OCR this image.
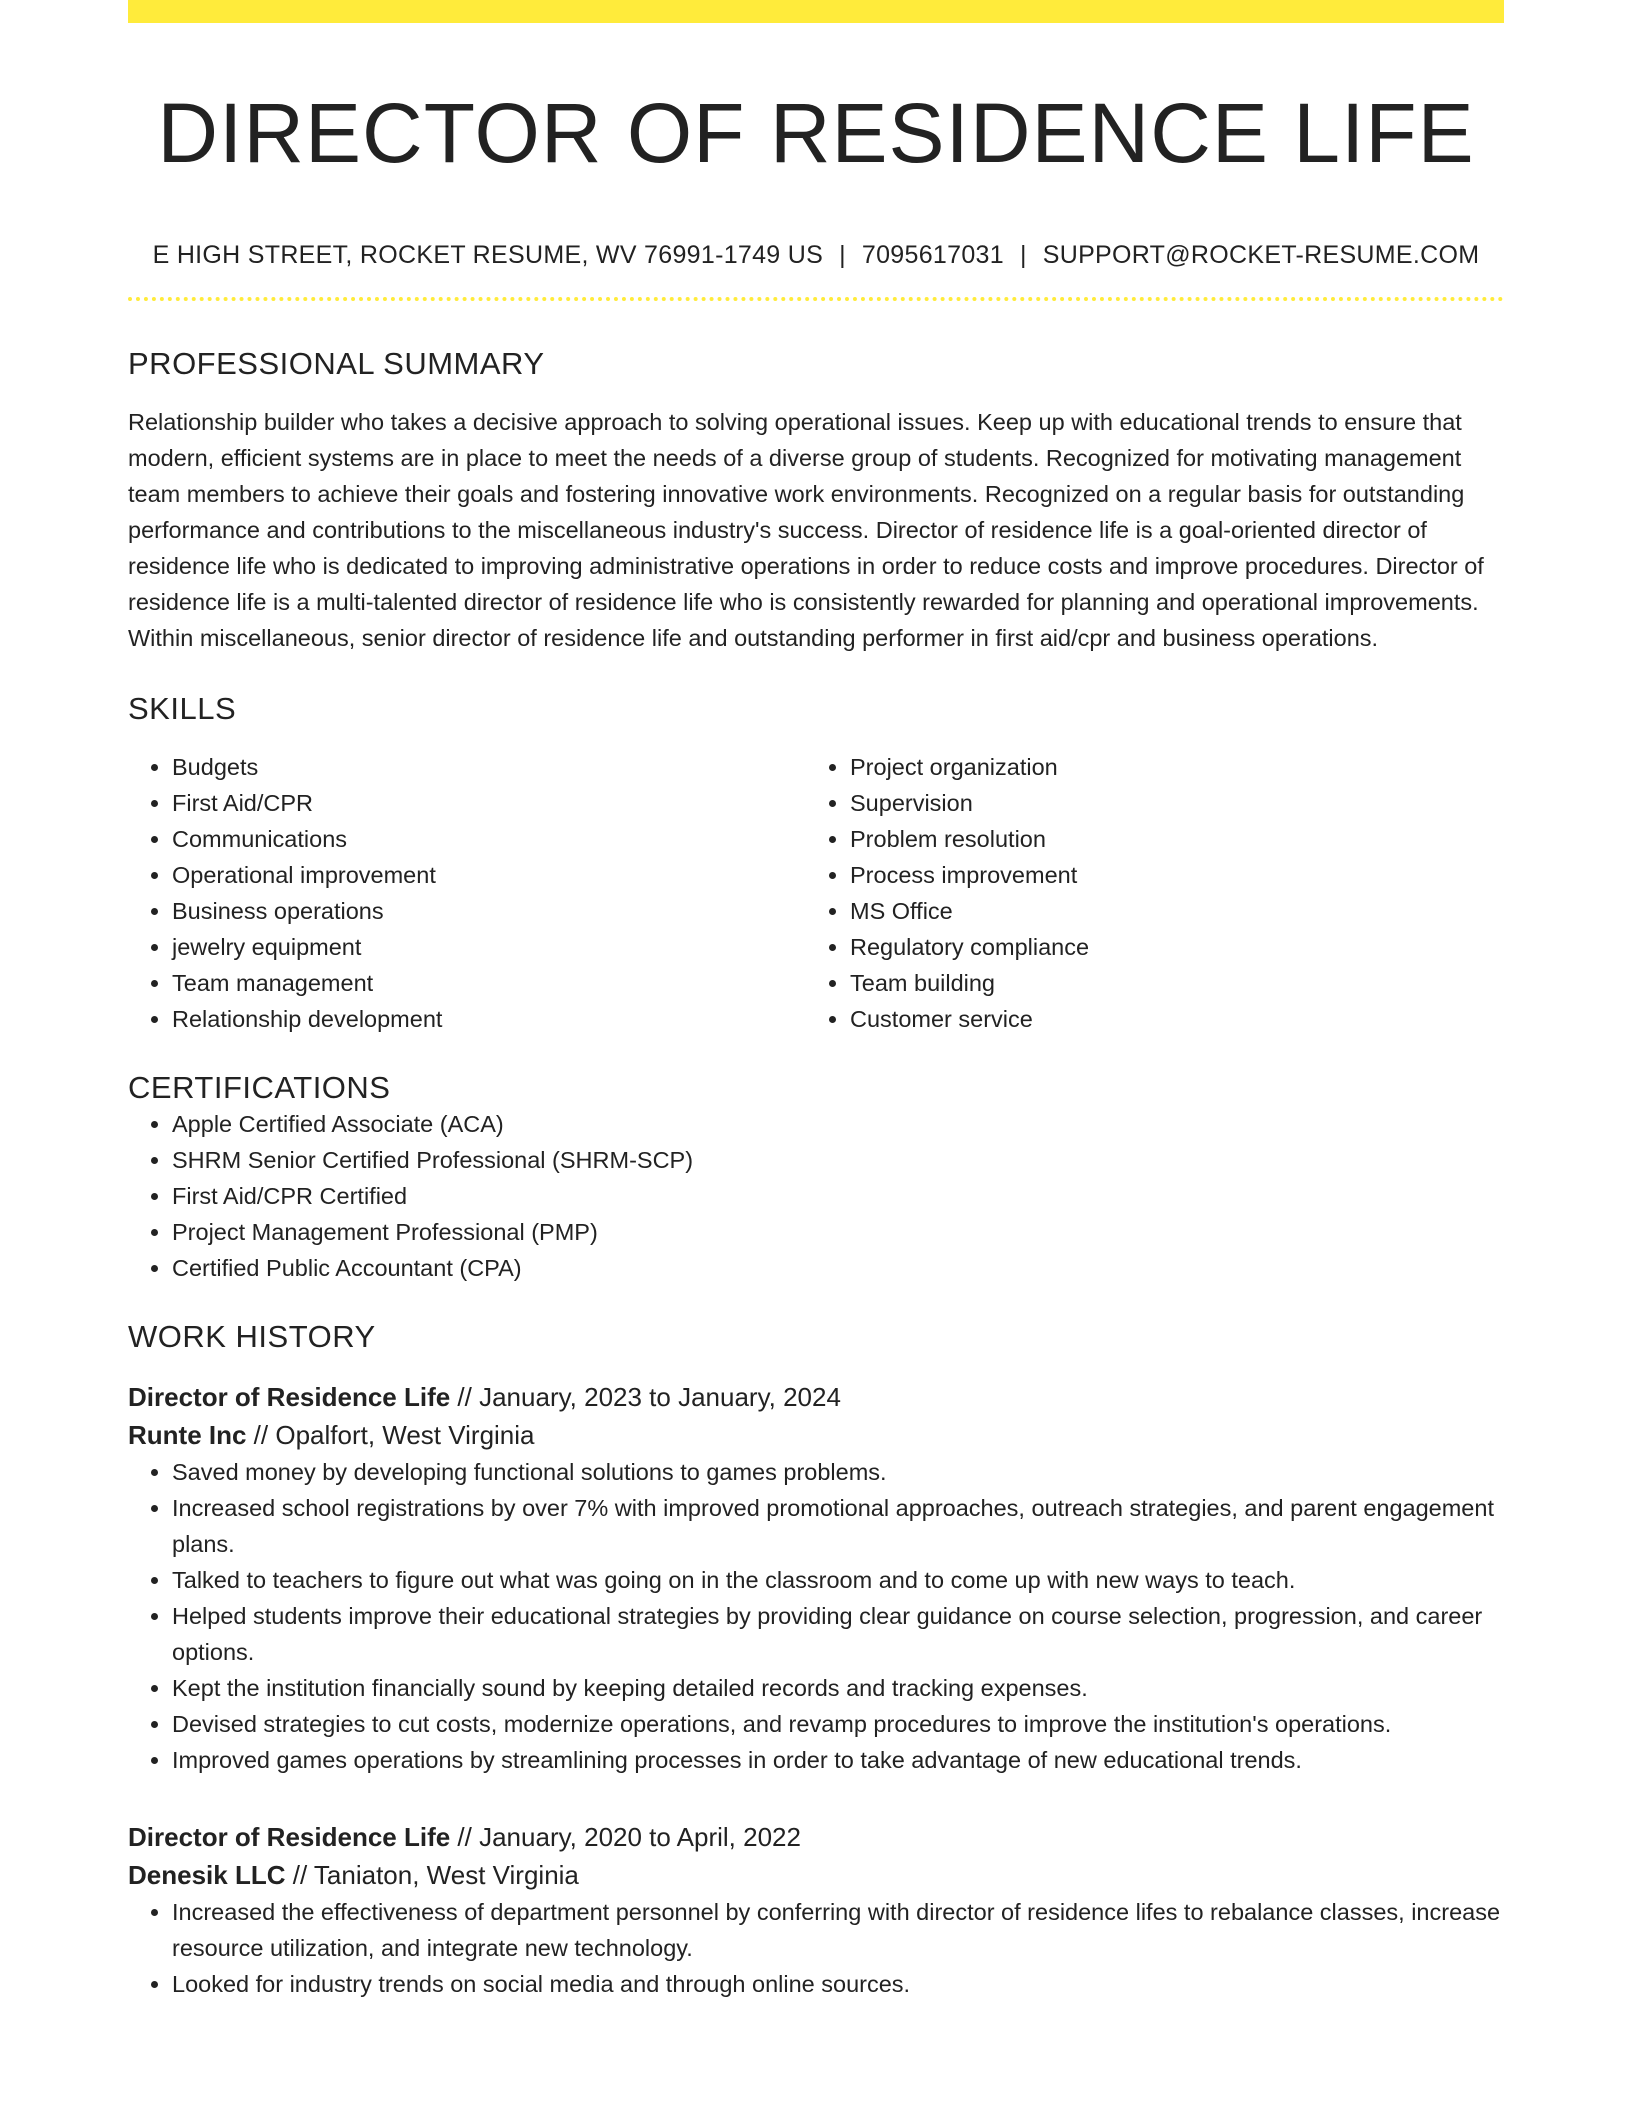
DIRECTOR OF RESIDENCE LIFE
E HIGH STREET, ROCKET RESUME, WV 76991-1749 US | 7095617031 | SUPPORT@ROCKET-RESUME.COM
PROFESSIONAL SUMMARY

Relationship builder who takes a decisive approach to solving operational issues. Keep up with educational trends to ensure that modern, efficient systems are in place to meet the needs of a diverse group of students. Recognized for motivating management team members to achieve their goals and fostering innovative work environments. Recognized on a regular basis for outstanding performance and contributions to the miscellaneous industry's success. Director of residence life is a goal-oriented director of residence life who is dedicated to improving administrative operations in order to reduce costs and improve procedures. Director of residence life is a multi-talented director of residence life who is consistently rewarded for planning and operational improvements. Within miscellaneous, senior director of residence life and outstanding performer in first aid/cpr and business operations.

SKILLS
• Budgets
• First Aid/CPR
• Communications
• Operational improvement
• Business operations
• jewelry equipment
• Team management
• Relationship development
• Project organization
• Supervision
• Problem resolution
• Process improvement
• MS Office
• Regulatory compliance
• Team building
• Customer service
CERTIFICATIONS
• Apple Certified Associate (ACA)
• SHRM Senior Certified Professional (SHRM-SCP)
• First Aid/CPR Certified
• Project Management Professional (PMP)
• Certified Public Accountant (CPA)
WORK HISTORY
Director of Residence Life // January, 2023 to January, 2024
Runte Inc // Opalfort, West Virginia
• Saved money by developing functional solutions to games problems.
• Increased school registrations by over 7% with improved promotional approaches, outreach strategies, and parent engagement plans.
• Talked to teachers to figure out what was going on in the classroom and to come up with new ways to teach.
• Helped students improve their educational strategies by providing clear guidance on course selection, progression, and career options.
• Kept the institution financially sound by keeping detailed records and tracking expenses.
• Devised strategies to cut costs, modernize operations, and revamp procedures to improve the institution's operations.
• Improved games operations by streamlining processes in order to take advantage of new educational trends.
Director of Residence Life // January, 2020 to April, 2022
Denesik LLC // Taniaton, West Virginia
• Increased the effectiveness of department personnel by conferring with director of residence lifes to rebalance classes, increase resource utilization, and integrate new technology.
• Looked for industry trends on social media and through online sources.
